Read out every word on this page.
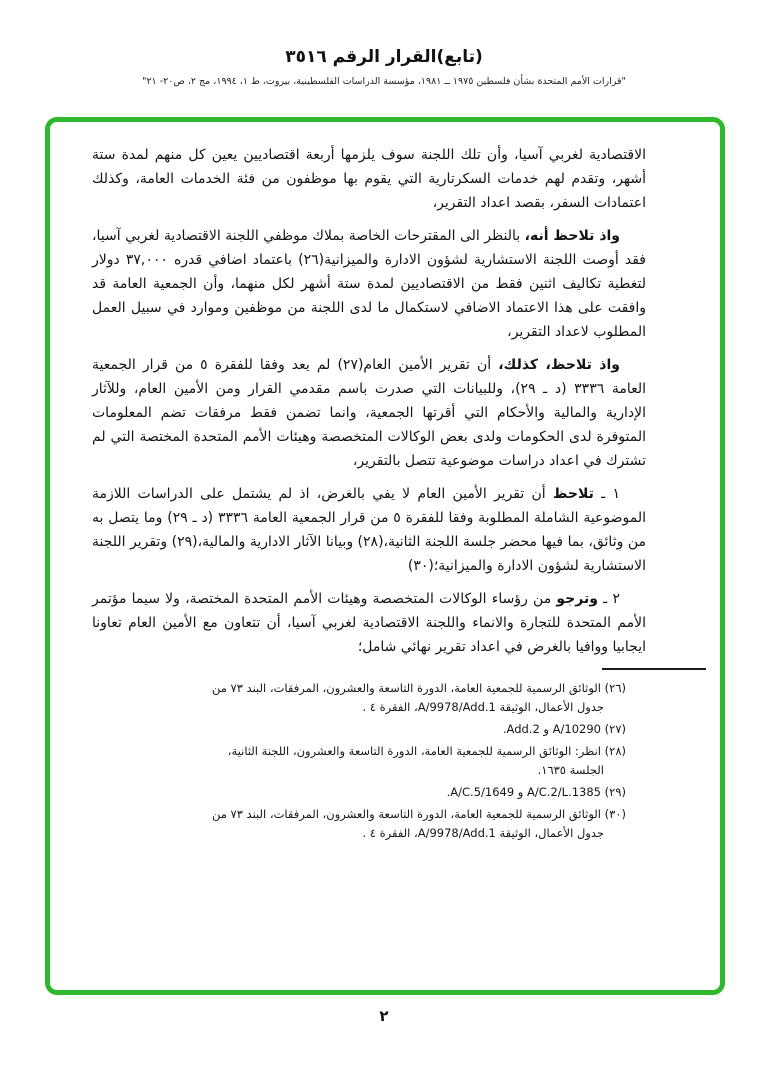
(تابع)القرار الرقم ٣٥١٦
"قرارات الأمم المتحدة بشأن فلسطين ١٩٧٥ ــ ١٩٨١، مؤسسة الدراسات الفلسطينية، بيروت، ط ١، ١٩٩٤، مج ٢، ص٢٠- ٢١"

الاقتصادية لغربي آسيا، وأن تلك اللجنة سوف يلزمها أربعة اقتصاديين يعين كل منهم لمدة ستة أشهر، وتقدم لهم خدمات السكرتارية التي يقوم بها موظفون من فئة الخدمات العامة، وكذلك اعتمادات السفر، بقصد اعداد التقرير،

واذ تلاحظ أنه، بالنظر الى المقترحات الخاصة بملاك موظفي اللجنة الاقتصادية لغربي آسيا، فقد أوصت اللجنة الاستشارية لشؤون الادارة والميزانية(٢٦) باعتماد اضافي قدره ٣٧,٠٠٠ دولار لتغطية تكاليف اثنين فقط من الاقتصاديين لمدة ستة أشهر لكل منهما، وأن الجمعية العامة قد وافقت على هذا الاعتماد الاضافي لاستكمال ما لدى اللجنة من موظفين وموارد في سبيل العمل المطلوب لاعداد التقرير،

واذ تلاحظ، كذلك، أن تقرير الأمين العام(٢٧) لم يعد وفقا للفقرة ٥ من قرار الجمعية العامة ٣٣٣٦ (د ـ ٢٩)، وللبيانات التي صدرت باسم مقدمي القرار ومن الأمين العام، وللآثار الإدارية والمالية والأحكام التي أقرتها الجمعية، وانما تضمن فقط مرفقات تضم المعلومات المتوفرة لدى الحكومات ولدى بعض الوكالات المتخصصة وهيئات الأمم المتحدة المختصة التي لم تشترك في اعداد دراسات موضوعية تتصل بالتقرير،

١ ـ تلاحظ أن تقرير الأمين العام لا يفي بالغرض، اذ لم يشتمل على الدراسات اللازمة الموضوعية الشاملة المطلوبة وفقا للفقرة ٥ من قرار الجمعية العامة ٣٣٣٦ (د ـ ٢٩) وما يتصل به من وثائق، بما فيها محضر جلسة اللجنة الثانية،(٢٨) وبيانا الآثار الادارية والمالية،(٢٩) وتقرير اللجنة الاستشارية لشؤون الادارة والميزانية؛(٣٠)

٢ ـ وترجو من رؤساء الوكالات المتخصصة وهيئات الأمم المتحدة المختصة، ولا سيما مؤتمر الأمم المتحدة للتجارة والانماء واللجنة الاقتصادية لغربي آسيا، أن تتعاون مع الأمين العام تعاونا ايجابيا ووافيا بالغرض في اعداد تقرير نهائي شامل؛

(٢٦) الوثائق الرسمية للجمعية العامة، الدورة التاسعة والعشرون، المرفقات، البند ٧٣ من جدول الأعمال، الوثيقة A/9978/Add.1، الفقرة ٤ .
(٢٧) A/10290 و Add.2.
(٢٨) انظر: الوثائق الرسمية للجمعية العامة، الدورة التاسعة والعشرون، اللجنة الثانية، الجلسة ١٦٣٥.
(٢٩) A/C.2/L.1385 و A/C.5/1649.
(٣٠) الوثائق الرسمية للجمعية العامة، الدورة التاسعة والعشرون، المرفقات، البند ٧٣ من جدول الأعمال، الوثيقة A/9978/Add.1، الفقرة ٤ .
٢
